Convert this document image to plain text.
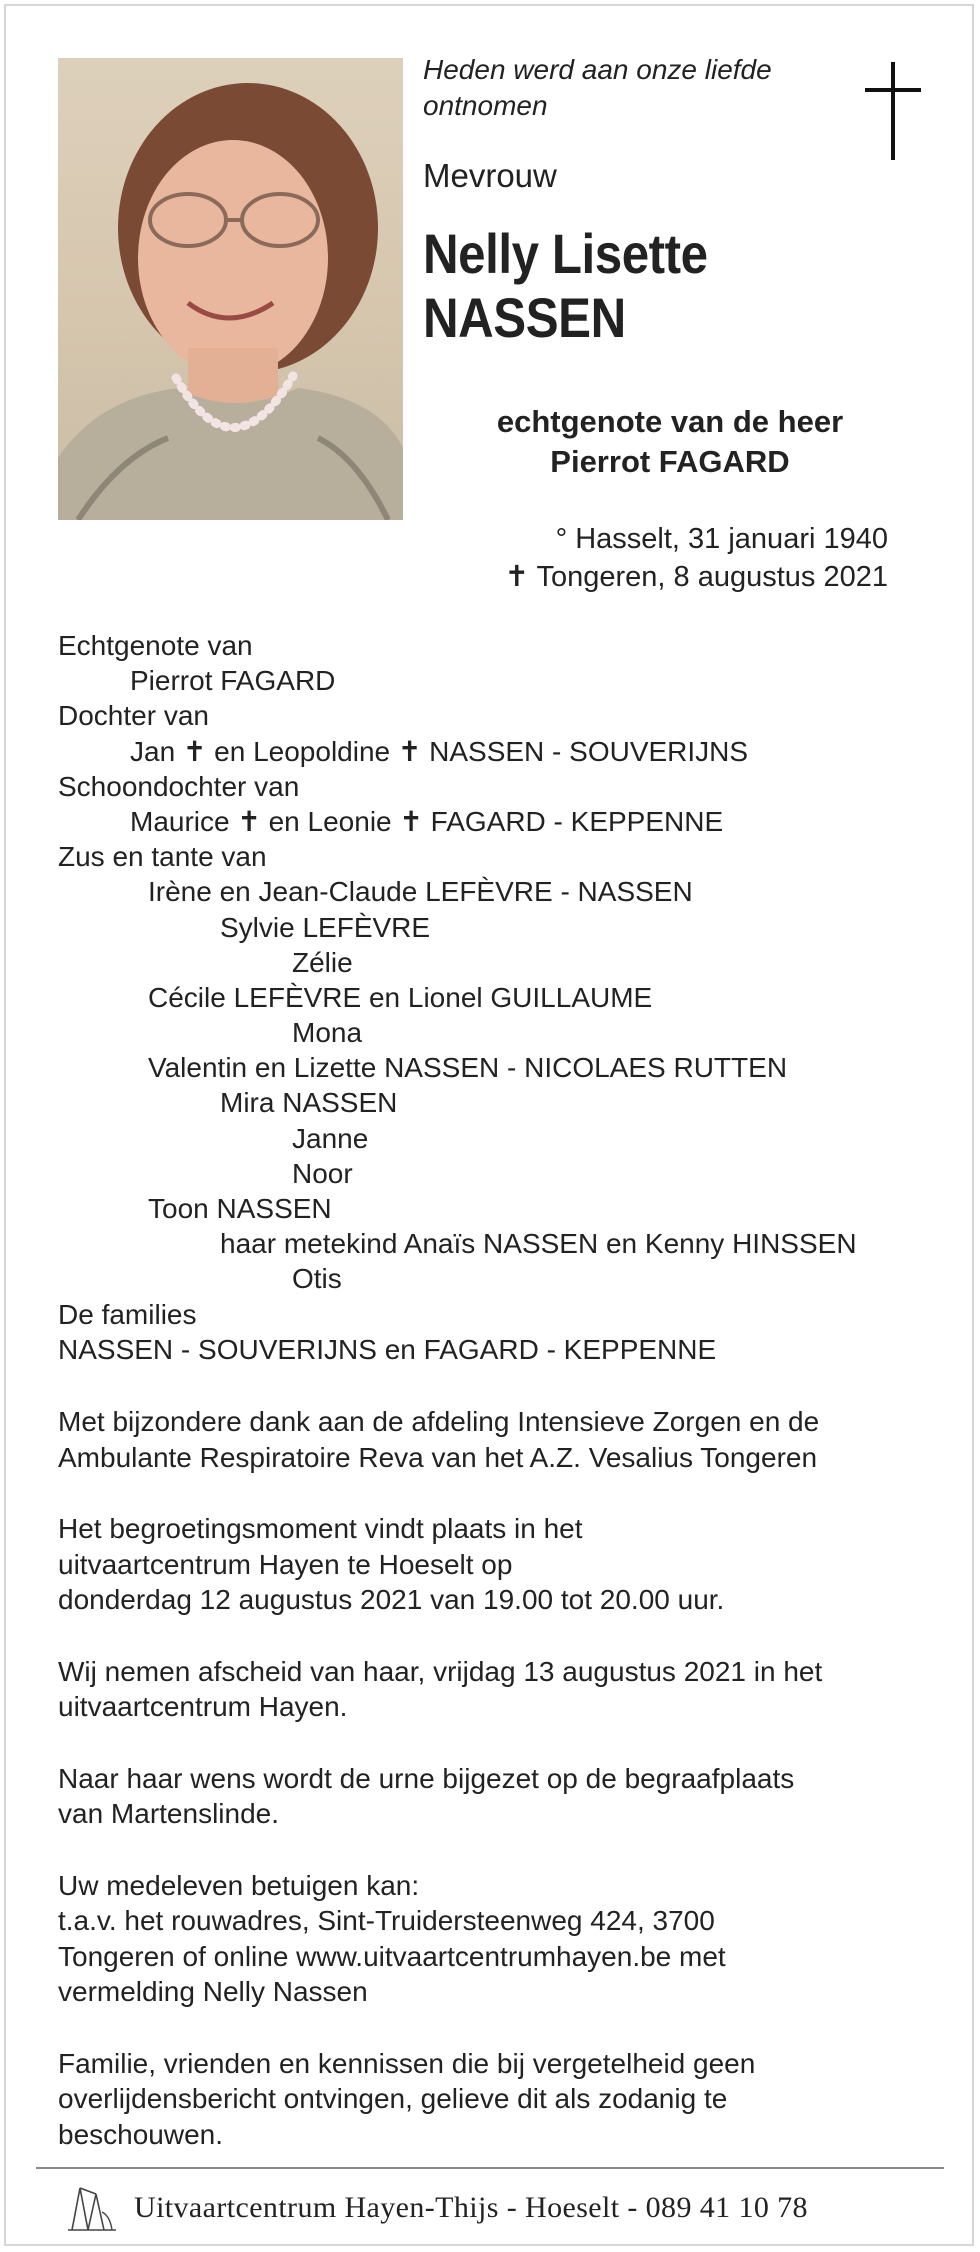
Heden werd aan onze liefde
ontnomen
Mevrouw
Nelly Lisette
NASSEN
echtgenote van de heer
Pierrot FAGARD
° Hasselt, 31 januari 1940
✝ Tongeren, 8 augustus 2021
Echtgenote van
Pierrot FAGARD
Dochter van
Jan ✝ en Leopoldine ✝ NASSEN - SOUVERIJNS
Schoondochter van
Maurice ✝ en Leonie ✝ FAGARD - KEPPENNE
Zus en tante van
Irène en Jean-Claude LEFÈVRE - NASSEN
Sylvie LEFÈVRE
Zélie
Cécile LEFÈVRE en Lionel GUILLAUME
Mona
Valentin en Lizette NASSEN - NICOLAES RUTTEN
Mira NASSEN
Janne
Noor
Toon NASSEN
haar metekind Anaïs NASSEN en Kenny HINSSEN
Otis
De families
NASSEN - SOUVERIJNS en FAGARD - KEPPENNE

Met bijzondere dank aan de afdeling Intensieve Zorgen en de
Ambulante Respiratoire Reva van het A.Z. Vesalius Tongeren

Het begroetingsmoment vindt plaats in het
uitvaartcentrum Hayen te Hoeselt op
donderdag 12 augustus 2021 van 19.00 tot 20.00 uur.

Wij nemen afscheid van haar, vrijdag 13 augustus 2021 in het
uitvaartcentrum Hayen.

Naar haar wens wordt de urne bijgezet op de begraafplaats
van Martenslinde.

Uw medeleven betuigen kan:
t.a.v. het rouwadres, Sint-Truidersteenweg 424, 3700
Tongeren of online www.uitvaartcentrumhayen.be met
vermelding Nelly Nassen

Familie, vrienden en kennissen die bij vergetelheid geen
overlijdensbericht ontvingen, gelieve dit als zodanig te
beschouwen.

Uitvaartcentrum Hayen-Thijs - Hoeselt - 089 41 10 78
